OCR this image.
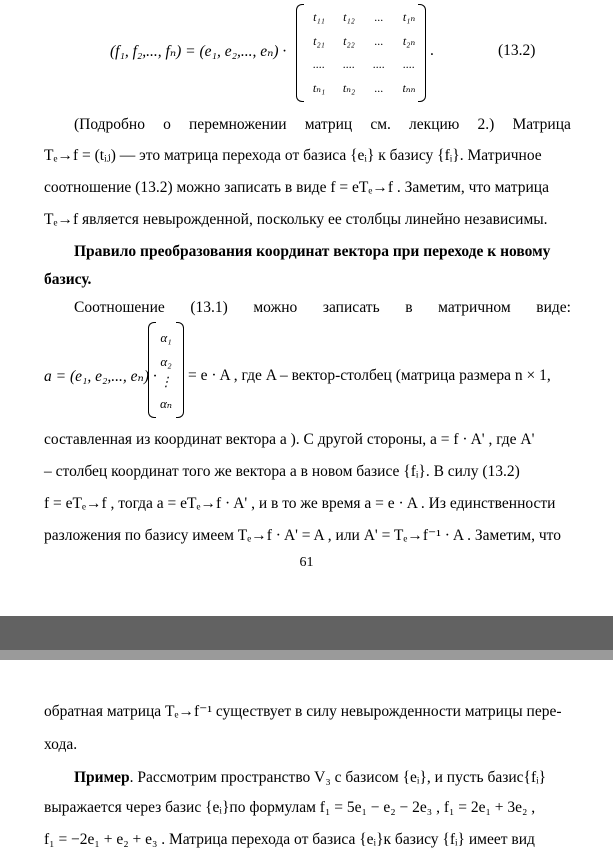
(f₁, f₂,..., fₙ) = (e₁, e₂,..., eₙ) ·
t₁₁	t₁₂	...	t₁ₙ
t₂₁	t₂₂	...	t₂ₙ
....	....	....	....
tₙ₁	tₙ₂	...	tₙₙ
.	(13.2)
(Подробно о перемножении матриц см. лекцию 2.) Матрица
Tₑ→f = (tᵢⱼ) — это матрица перехода от базиса {eᵢ} к базису {fᵢ}. Матричное
соотношение (13.2) можно записать в виде f = eTₑ→f . Заметим, что матрица
Tₑ→f является невырожденной, поскольку ее столбцы линейно независимы.
Правило преобразования координат вектора при переходе к новому
базису.
Соотношение (13.1) можно записать в матричном виде:
a = (e₁, e₂,..., eₙ) ·
α₁
α₂
⋮
αₙ
= e · A , где A – вектор-столбец (матрица размера n × 1,
составленная из координат вектора a ). С другой стороны, a = f · A' , где A'
– столбец координат того же вектора a в новом базисе {fᵢ}. В силу (13.2)
f = eTₑ→f , тогда a = eTₑ→f · A' , и в то же время a = e · A . Из единственности
разложения по базису имеем Tₑ→f · A' = A , или A' = Tₑ→f⁻¹ · A . Заметим, что
61
обратная матрица Tₑ→f⁻¹ существует в силу невырожденности матрицы пере-
хода.
Пример. Рассмотрим пространство V₃ с базисом {eᵢ}, и пусть базис{fᵢ}
выражается через базис {eᵢ}по формулам f₁ = 5e₁ − e₂ − 2e₃ , f₁ = 2e₁ + 3e₂ ,
f₁ = −2e₁ + e₂ + e₃ . Матрица перехода от базиса {eᵢ}к базису {fᵢ} имеет вид
